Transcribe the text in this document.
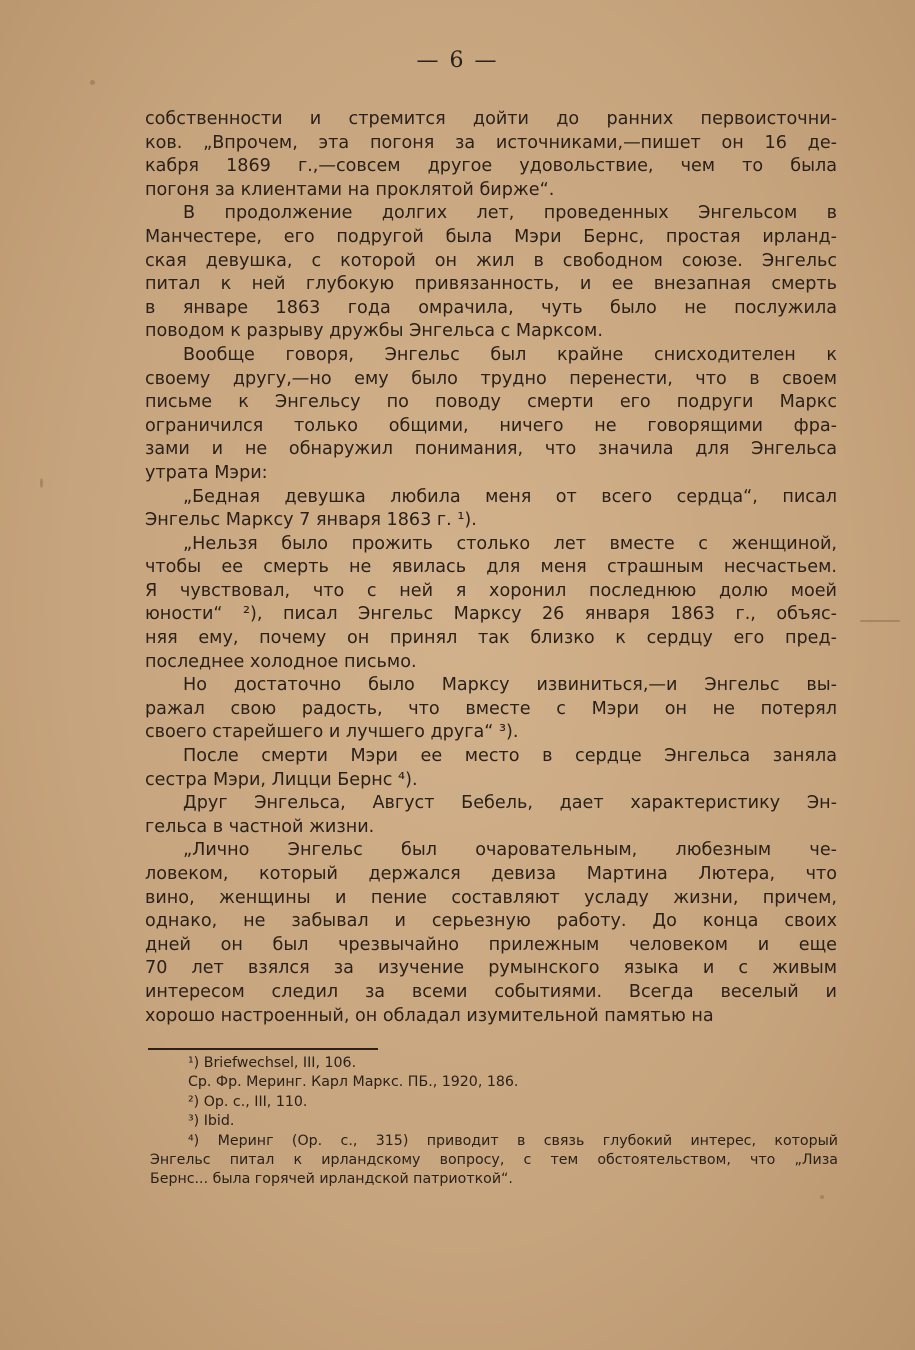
— 6 —

собственности и стремится дойти до ранних первоисточни-
ков. „Впрочем, эта погоня за источниками,—пишет он 16 де-
кабря 1869 г.,—совсем другое удовольствие, чем то была
погоня за клиентами на проклятой бирже“.

В продолжение долгих лет, проведенных Энгельсом в
Манчестере, его подругой была Мэри Бернс, простая ирланд-
ская девушка, с которой он жил в свободном союзе. Энгельс
питал к ней глубокую привязанность, и ее внезапная смерть
в январе 1863 года омрачила, чуть было не послужила
поводом к разрыву дружбы Энгельса с Марксом.

Вообще говоря, Энгельс был крайне снисходителен к
своему другу,—но ему было трудно перенести, что в своем
письме к Энгельсу по поводу смерти его подруги Маркс
ограничился только общими, ничего не говорящими фра-
зами и не обнаружил понимания, что значила для Энгельса
утрата Мэри:

„Бедная девушка любила меня от всего сердца“, писал
Энгельс Марксу 7 января 1863 г. ¹).

„Нельзя было прожить столько лет вместе с женщиной,
чтобы ее смерть не явилась для меня страшным несчастьем.
Я чувствовал, что с ней я хоронил последнюю долю моей
юности“ ²), писал Энгельс Марксу 26 января 1863 г., объяс-
няя ему, почему он принял так близко к сердцу его пред-
последнее холодное письмо.

Но достаточно было Марксу извиниться,—и Энгельс вы-
ражал свою радость, что вместе с Мэри он не потерял
своего старейшего и лучшего друга“ ³).

После смерти Мэри ее место в сердце Энгельса заняла
сестра Мэри, Лицци Бернс ⁴).

Друг Энгельса, Август Бебель, дает характеристику Эн-
гельса в частной жизни.

„Лично Энгельс был очаровательным, любезным че-
ловеком, который держался девиза Мартина Лютера, что
вино, женщины и пение составляют усладу жизни, причем,
однако, не забывал и серьезную работу. До конца своих
дней он был чрезвычайно прилежным человеком и еще
70 лет взялся за изучение румынского языка и с живым
интересом следил за всеми событиями. Всегда веселый и
хорошо настроенный, он обладал изумительной памятью на

¹) Briefwechsel, III, 106.
Ср. Фр. Меринг. Карл Маркс. ПБ., 1920, 186.
²) Op. c., III, 110.
³) Ibid.
⁴) Меринг (Op. c., 315) приводит в связь глубокий интерес, который
Энгельс питал к ирландскому вопросу, с тем обстоятельством, что „Лиза
Бернс... была горячей ирландской патриоткой“.
